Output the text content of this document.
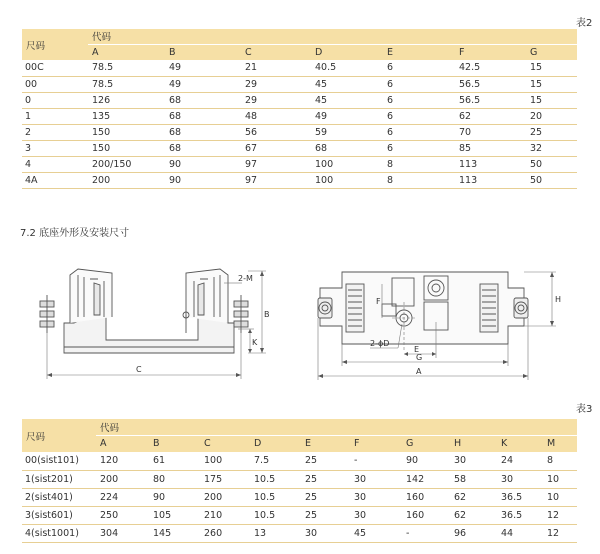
表2
尺码	代码						
	A	B	C	D	E	F	G
00C	78.5	49	21	40.5	6	42.5	15
00	78.5	49	29	45	6	56.5	15
0	126	68	29	45	6	56.5	15
1	135	68	48	49	6	62	20
2	150	68	56	59	6	70	25
3	150	68	67	68	6	85	32
4	200/150	90	97	100	8	113	50
4A	200	90	97	100	8	113	50
7.2 底座外形及安装尺寸
2-M
B
K
C
F	H
2-ϕD
E
G
A
表3
尺码	代码									
	A	B	C	D	E	F	G	H	K	M
00(sist101)	120	61	100	7.5	25	-	90	30	24	8
1(sist201)	200	80	175	10.5	25	30	142	58	30	10
2(sist401)	224	90	200	10.5	25	30	160	62	36.5	10
3(sist601)	250	105	210	10.5	25	30	160	62	36.5	12
4(sist1001)	304	145	260	13	30	45	-	96	44	12
